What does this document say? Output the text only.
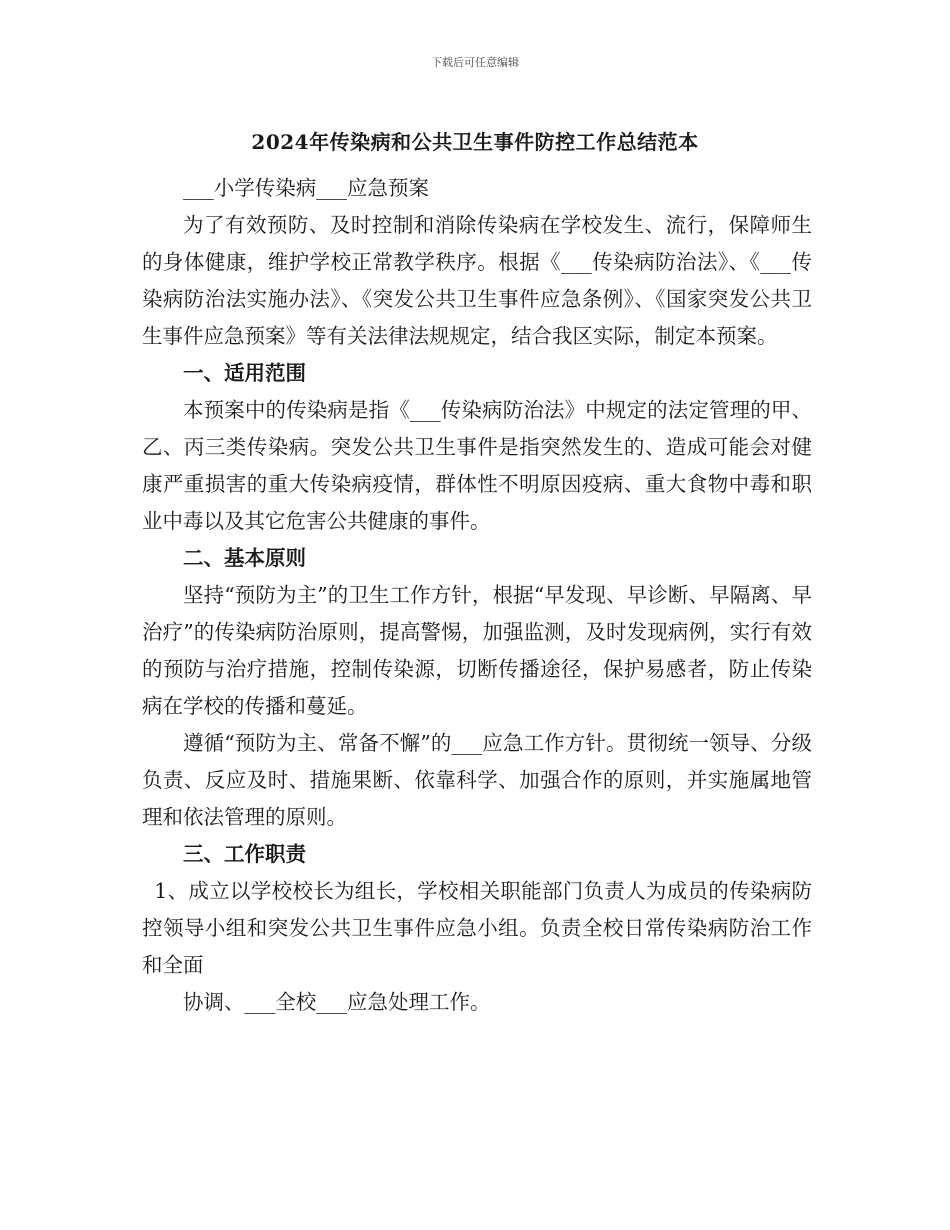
下载后可任意编辑
2024年传染病和公共卫生事件防控工作总结范本

___小学传染病___应急预案

为了有效预防、及时控制和消除传染病在学校发生、流行，保障师生的身体健康，维护学校正常教学秩序。根据《___传染病防治法》、《___传染病防治法实施办法》、《突发公共卫生事件应急条例》、《国家突发公共卫生事件应急预案》等有关法律法规规定，结合我区实际，制定本预案。

一、适用范围

本预案中的传染病是指《___传染病防治法》中规定的法定管理的甲、乙、丙三类传染病。突发公共卫生事件是指突然发生的、造成可能会对健康严重损害的重大传染病疫情，群体性不明原因疫病、重大食物中毒和职业中毒以及其它危害公共健康的事件。

二、基本原则

坚持“预防为主”的卫生工作方针，根据“早发现、早诊断、早隔离、早治疗”的传染病防治原则，提高警惕，加强监测，及时发现病例，实行有效的预防与治疗措施，控制传染源，切断传播途径，保护易感者，防止传染病在学校的传播和蔓延。

遵循“预防为主、常备不懈”的___应急工作方针。贯彻统一领导、分级负责、反应及时、措施果断、依靠科学、加强合作的原则，并实施属地管理和依法管理的原则。

三、工作职责

1、成立以学校校长为组长，学校相关职能部门负责人为成员的传染病防控领导小组和突发公共卫生事件应急小组。负责全校日常传染病防治工作和全面

协调、___全校___应急处理工作。
